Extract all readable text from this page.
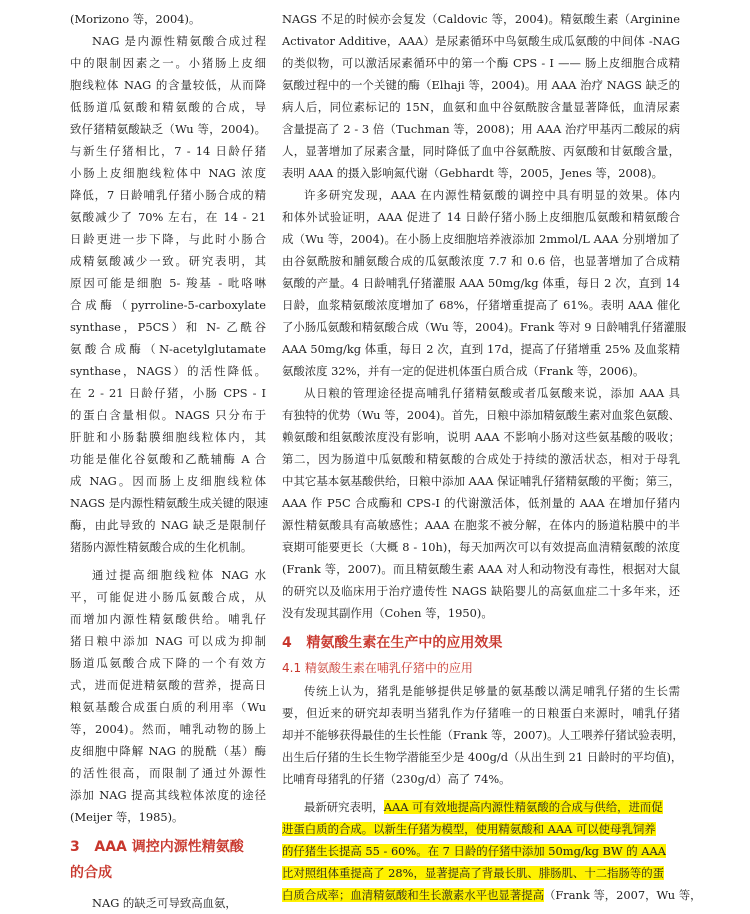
(Morizono 等，2004)。
NAG 是内源性精氨酸合成过程
中的限制因素之一。小猪肠上皮细
胞线粒体 NAG 的含量较低，从而降
低肠道瓜氨酸和精氨酸的合成，导
致仔猪精氨酸缺乏（Wu 等，2004)。
与新生仔猪相比，7 - 14 日龄仔猪
小肠上皮细胞线粒体中 NAG 浓度
降低，7 日龄哺乳仔猪小肠合成的精
氨酸减少了 70% 左右，在 14 - 21
日龄更进一步下降，与此时小肠合
成精氨酸减少一致。研究表明，其
原因可能是细胞 5- 羧基 - 吡咯啉
合成酶（pyrroline-5-carboxylate
synthase，P5CS）和 N- 乙酰谷
氨酸合成酶（N-acetylglutamate
synthase，NAGS）的活性降低。
在 2 - 21 日龄仔猪，小肠 CPS - I
的蛋白含量相似。NAGS 只分布于
肝脏和小肠黏膜细胞线粒体内，其
功能是催化谷氨酸和乙酰辅酶 A 合
成 NAG。因而肠上皮细胞线粒体
NAGS 是内源性精氨酸生成关键的限速
酶，由此导致的 NAG 缺乏是限制仔
猪肠内源性精氨酸合成的生化机制。
通过提高细胞线粒体 NAG 水
平，可能促进小肠瓜氨酸合成，从
而增加内源性精氨酸供给。哺乳仔
猪日粮中添加 NAG 可以成为抑制
肠道瓜氨酸合成下降的一个有效方
式，进而促进精氨酸的营养，提高日
粮氨基酸合成蛋白质的利用率（Wu
等，2004)。然而，哺乳动物的肠上
皮细胞中降解 NAG 的脱酰（基）酶
的活性很高，而限制了通过外源性
添加 NAG 提高其线粒体浓度的途径
(Meijer 等，1985)。
3 AAA 调控内源性精氨酸
的合成
NAG 的缺乏可导致高血氨，
NAGS 不足的时候亦会复发（Caldovic 等，2004)。精氨酸生素（Arginine
Activator Additive，AAA）是尿素循环中鸟氨酸生成瓜氨酸的中间体 -NAG
的类似物，可以激活尿素循环中的第一个酶 CPS - I —— 肠上皮细胞合成精
氨酸过程中的一个关键的酶（Elhaji 等，2004)。用 AAA 治疗 NAGS 缺乏的
病人后，同位素标记的 15N，血氨和血中谷氨酰胺含量显著降低，血清尿素
含量提高了 2 - 3 倍（Tuchman 等，2008)；用 AAA 治疗甲基丙二酸尿的病
人，显著增加了尿素含量，同时降低了血中谷氨酰胺、丙氨酸和甘氨酸含量，
表明 AAA 的摄入影响氮代谢（Gebhardt 等，2005，Jenes 等，2008)。
许多研究发现，AAA 在内源性精氨酸的调控中具有明显的效果。体内
和体外试验证明，AAA 促进了 14 日龄仔猪小肠上皮细胞瓜氨酸和精氨酸合
成（Wu 等，2004)。在小肠上皮细胞培养液添加 2mmol/L AAA 分别增加了
由谷氨酰胺和脯氨酸合成的瓜氨酸浓度 7.7 和 0.6 倍，也显著增加了合成精
氨酸的产量。4 日龄哺乳仔猪灌服 AAA 50mg/kg 体重，每日 2 次，直到 14
日龄，血浆精氨酸浓度增加了 68%，仔猪增重提高了 61%。表明 AAA 催化
了小肠瓜氨酸和精氨酸合成（Wu 等，2004)。Frank 等对 9 日龄哺乳仔猪灌服
AAA 50mg/kg 体重，每日 2 次，直到 17d，提高了仔猪增重 25% 及血浆精
氨酸浓度 32%，并有一定的促进机体蛋白质合成（Frank 等，2006)。
从日粮的管理途径提高哺乳仔猪精氨酸或者瓜氨酸来说，添加 AAA 具
有独特的优势（Wu 等，2004)。首先，日粮中添加精氨酸生素对血浆色氨酸、
赖氨酸和组氨酸浓度没有影响，说明 AAA 不影响小肠对这些氨基酸的吸收；
第二，因为肠道中瓜氨酸和精氨酸的合成处于持续的激活状态，相对于母乳
中其它基本氨基酸供给，日粮中添加 AAA 保证哺乳仔猪精氨酸的平衡；第三，
AAA 作 P5C 合成酶和 CPS-I 的代谢激活体，低剂量的 AAA 在增加仔猪内
源性精氨酸具有高敏感性；AAA 在胞浆不被分解，在体内的肠道粘膜中的半
衰期可能要更长（大概 8 - 10h)，每天加两次可以有效提高血清精氨酸的浓度
(Frank 等，2007)。而且精氨酸生素 AAA 对人和动物没有毒性，根据对大鼠
的研究以及临床用于治疗遗传性 NAGS 缺陷婴儿的高氨血症二十多年来，还
没有发现其副作用（Cohen 等，1950)。
4 精氨酸生素在生产中的应用效果
4.1 精氨酸生素在哺乳仔猪中的应用
传统上认为，猪乳是能够提供足够量的氨基酸以满足哺乳仔猪的生长需
要，但近来的研究却表明当猪乳作为仔猪唯一的日粮蛋白来源时，哺乳仔猪
却并不能够获得最佳的生长性能（Frank 等，2007)。人工喂养仔猪试验表明，
出生后仔猪的生长生物学潜能至少是 400g/d（从出生到 21 日龄时的平均值)，
比哺育母猪乳的仔猪（230g/d）高了 74%。
最新研究表明，AAA 可有效地提高内源性精氨酸的合成与供给，进而促
进蛋白质的合成。以新生仔猪为模型，使用精氨酸和 AAA 可以使母乳饲养
的仔猪生长提高 55 - 60%。在 7 日龄的仔猪中添加 50mg/kg BW 的 AAA
比对照组体重提高了 28%，显著提高了背最长肌、腓肠肌、十二指肠等的蛋
白质合成率；血清精氨酸和生长激素水平也显著提高（Frank 等，2007，Wu 等，
